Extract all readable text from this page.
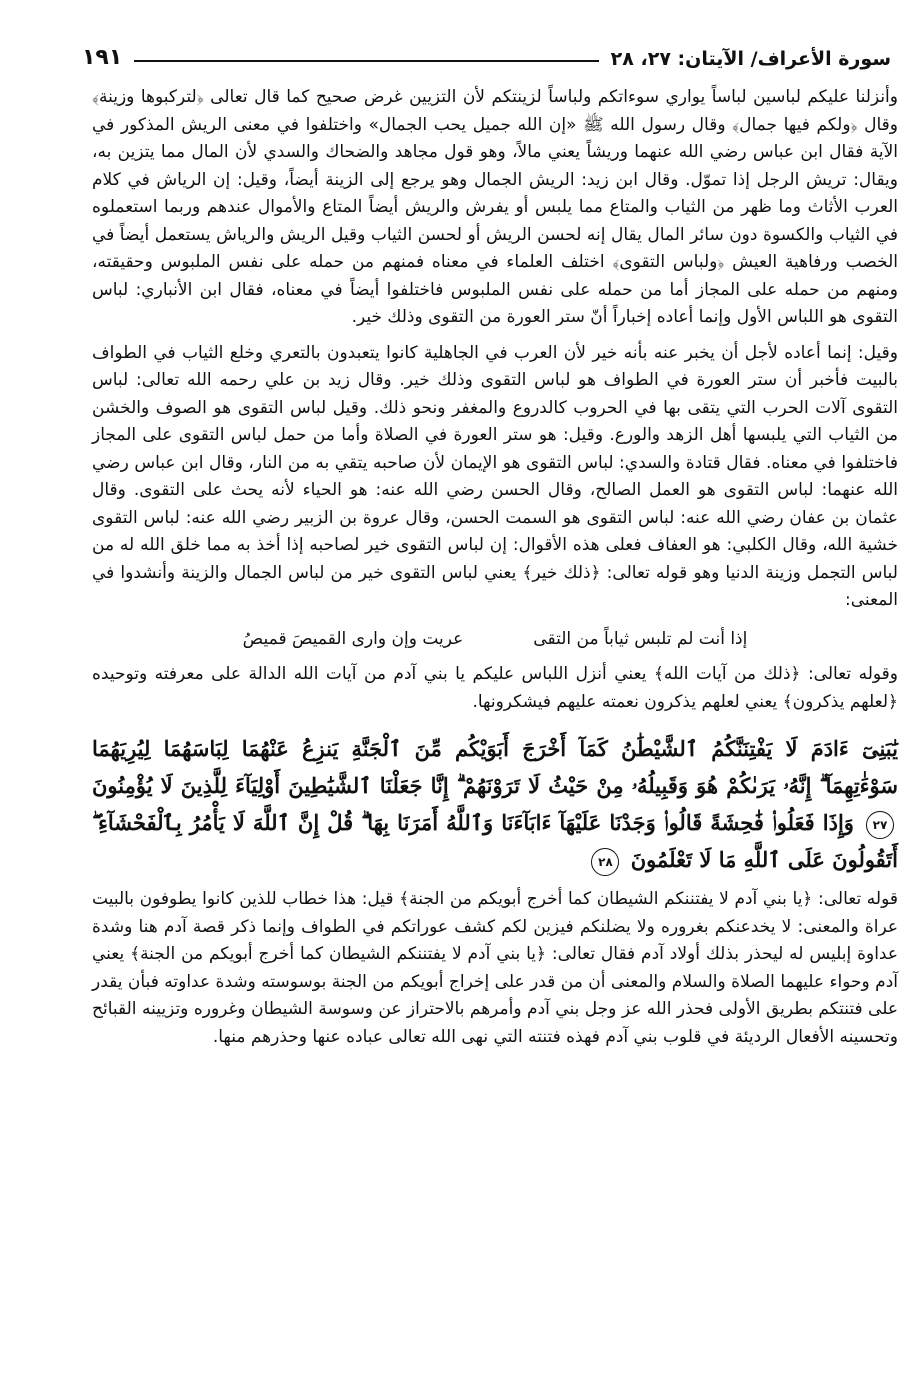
سورة الأعراف/ الآيتان: ٢٧، ٢٨
١٩١

وأنزلنا عليكم لباسين لباساً يواري سوءاتكم ولباساً لزينتكم لأن التزيين غرض صحيح كما قال تعالى ﴿لتركبوها وزينة﴾ وقال ﴿ولكم فيها جمال﴾ وقال رسول الله ﷺ «إن الله جميل يحب الجمال» واختلفوا في معنى الريش المذكور في الآية فقال ابن عباس رضي الله عنهما وريشاً يعني مالاً، وهو قول مجاهد والضحاك والسدي لأن المال مما يتزين به، ويقال: تريش الرجل إذا تموّل. وقال ابن زيد: الريش الجمال وهو يرجع إلى الزينة أيضاً، وقيل: إن الرياش في كلام العرب الأثاث وما ظهر من الثياب والمتاع مما يلبس أو يفرش والريش أيضاً المتاع والأموال عندهم وربما استعملوه في الثياب والكسوة دون سائر المال يقال إنه لحسن الريش أو لحسن الثياب وقيل الريش والرياش يستعمل أيضاً في الخصب ورفاهية العيش ﴿ولباس التقوى﴾ اختلف العلماء في معناه فمنهم من حمله على نفس الملبوس وحقيقته، ومنهم من حمله على المجاز أما من حمله على نفس الملبوس فاختلفوا أيضاً في معناه، فقال ابن الأنباري: لباس التقوى هو اللباس الأول وإنما أعاده إخباراً أنّ ستر العورة من التقوى وذلك خير.

وقيل: إنما أعاده لأجل أن يخبر عنه بأنه خير لأن العرب في الجاهلية كانوا يتعبدون بالتعري وخلع الثياب في الطواف بالبيت فأخبر أن ستر العورة في الطواف هو لباس التقوى وذلك خير. وقال زيد بن علي رحمه الله تعالى: لباس التقوى آلات الحرب التي يتقى بها في الحروب كالدروع والمغفر ونحو ذلك. وقيل لباس التقوى هو الصوف والخشن من الثياب التي يلبسها أهل الزهد والورع. وقيل: هو ستر العورة في الصلاة وأما من حمل لباس التقوى على المجاز فاختلفوا في معناه. فقال قتادة والسدي: لباس التقوى هو الإيمان لأن صاحبه يتقي به من النار، وقال ابن عباس رضي الله عنهما: لباس التقوى هو العمل الصالح، وقال الحسن رضي الله عنه: هو الحياء لأنه يحث على التقوى. وقال عثمان بن عفان رضي الله عنه: لباس التقوى هو السمت الحسن، وقال عروة بن الزبير رضي الله عنه: لباس التقوى خشية الله، وقال الكلبي: هو العفاف فعلى هذه الأقوال: إن لباس التقوى خير لصاحبه إذا أخذ به مما خلق الله له من لباس التجمل وزينة الدنيا وهو قوله تعالى: ﴿ذلك خير﴾ يعني لباس التقوى خير من لباس الجمال والزينة وأنشدوا في المعنى:

إذا أنت لم تلبس ثياباً من التقى
عريت وإن وارى القميصَ قميصُ

وقوله تعالى: ﴿ذلك من آيات الله﴾ يعني أنزل اللباس عليكم يا بني آدم من آيات الله الدالة على معرفته وتوحيده ﴿لعلهم يذكرون﴾ يعني لعلهم يذكرون نعمته عليهم فيشكرونها.

يَٰبَنِىٓ ءَادَمَ لَا يَفْتِنَنَّكُمُ ٱلشَّيْطَٰنُ كَمَآ أَخْرَجَ أَبَوَيْكُم مِّنَ ٱلْجَنَّةِ يَنزِعُ عَنْهُمَا لِبَاسَهُمَا لِيُرِيَهُمَا سَوْءَٰتِهِمَآ ۗ إِنَّهُۥ يَرَىٰكُمْ هُوَ وَقَبِيلُهُۥ مِنْ حَيْثُ لَا تَرَوْنَهُمْ ۗ إِنَّا جَعَلْنَا ٱلشَّيَٰطِينَ أَوْلِيَآءَ لِلَّذِينَ لَا يُؤْمِنُونَ ٢٧ وَإِذَا فَعَلُوا۟ فَٰحِشَةً قَالُوا۟ وَجَدْنَا عَلَيْهَآ ءَابَآءَنَا وَٱللَّهُ أَمَرَنَا بِهَا ۗ قُلْ إِنَّ ٱللَّهَ لَا يَأْمُرُ بِٱلْفَحْشَآءِ ۖ أَتَقُولُونَ عَلَى ٱللَّهِ مَا لَا تَعْلَمُونَ ٢٨

قوله تعالى: ﴿يا بني آدم لا يفتننكم الشيطان كما أخرج أبويكم من الجنة﴾ قيل: هذا خطاب للذين كانوا يطوفون بالبيت عراة والمعنى: لا يخدعنكم بغروره ولا يضلنكم فيزين لكم كشف عوراتكم في الطواف وإنما ذكر قصة آدم هنا وشدة عداوة إبليس له ليحذر بذلك أولاد آدم فقال تعالى: ﴿يا بني آدم لا يفتننكم الشيطان كما أخرج أبويكم من الجنة﴾ يعني آدم وحواء عليهما الصلاة والسلام والمعنى أن من قدر على إخراج أبويكم من الجنة بوسوسته وشدة عداوته فبأن يقدر على فتنتكم بطريق الأولى فحذر الله عز وجل بني آدم وأمرهم بالاحتراز عن وسوسة الشيطان وغروره وتزيينه القبائح وتحسينه الأفعال الرديئة في قلوب بني آدم فهذه فتنته التي نهى الله تعالى عباده عنها وحذرهم منها.
